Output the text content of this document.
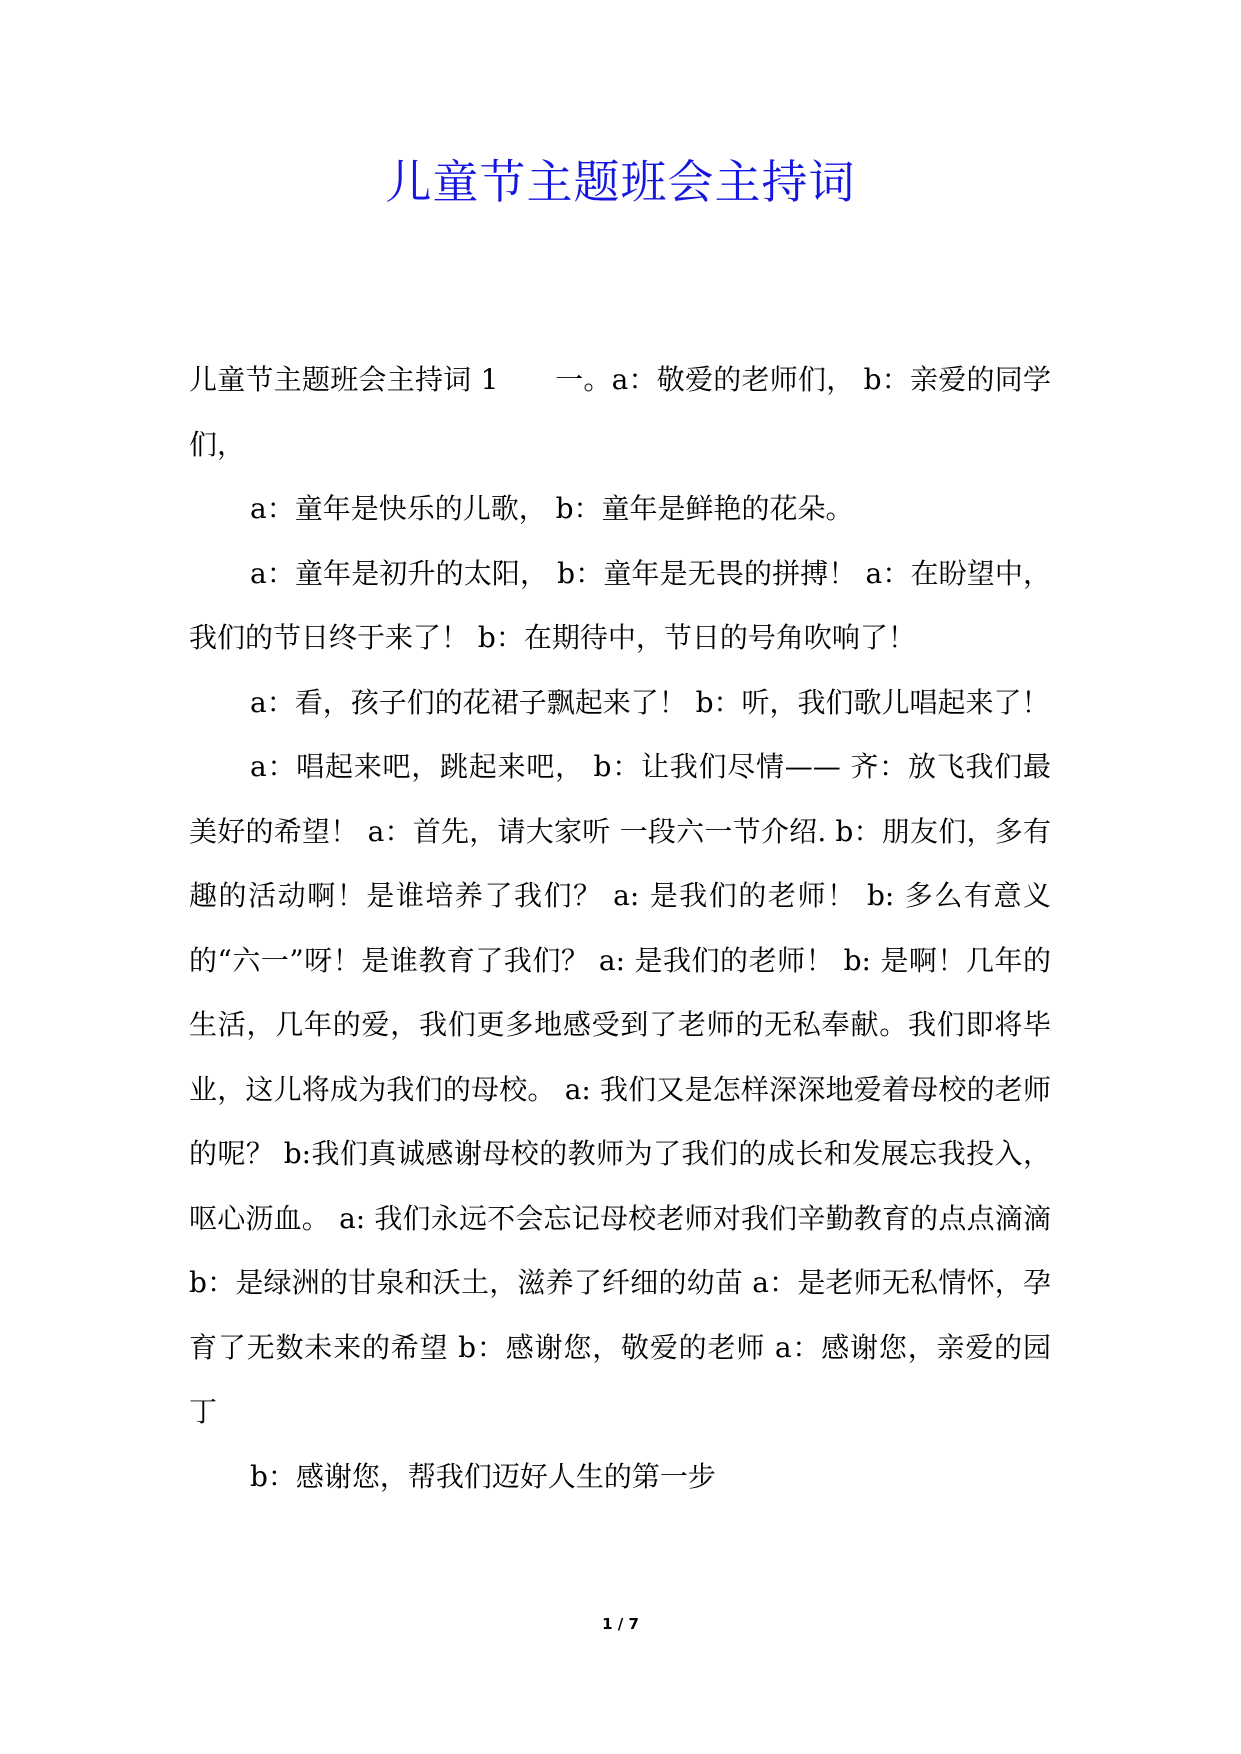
儿童节主题班会主持词

儿童节主题班会主持词 1　　一。a：敬爱的老师们， b：亲爱的同学们，

a：童年是快乐的儿歌， b：童年是鲜艳的花朵。

a：童年是初升的太阳， b：童年是无畏的拼搏！ a：在盼望中，我们的节日终于来了！ b：在期待中，节日的号角吹响了！

a：看，孩子们的花裙子飘起来了！ b：听，我们歌儿唱起来了！

a：唱起来吧，跳起来吧， b：让我们尽情—— 齐：放飞我们最美好的希望！ a：首先，请大家听 一段六一节介绍. b：朋友们，多有趣的活动啊！是谁培养了我们？ a: 是我们的老师！ b: 多么有意义的“六一”呀！是谁教育了我们？ a: 是我们的老师！ b: 是啊！几年的生活，几年的爱，我们更多地感受到了老师的无私奉献。我们即将毕业，这儿将成为我们的母校。 a: 我们又是怎样深深地爱着母校的老师的呢？ b:我们真诚感谢母校的教师为了我们的成长和发展忘我投入，呕心沥血。 a: 我们永远不会忘记母校老师对我们辛勤教育的点点滴滴 b：是绿洲的甘泉和沃土，滋养了纤细的幼苗 a：是老师无私情怀，孕育了无数未来的希望 b：感谢您，敬爱的老师 a：感谢您，亲爱的园丁

b：感谢您，帮我们迈好人生的第一步

1 / 7
